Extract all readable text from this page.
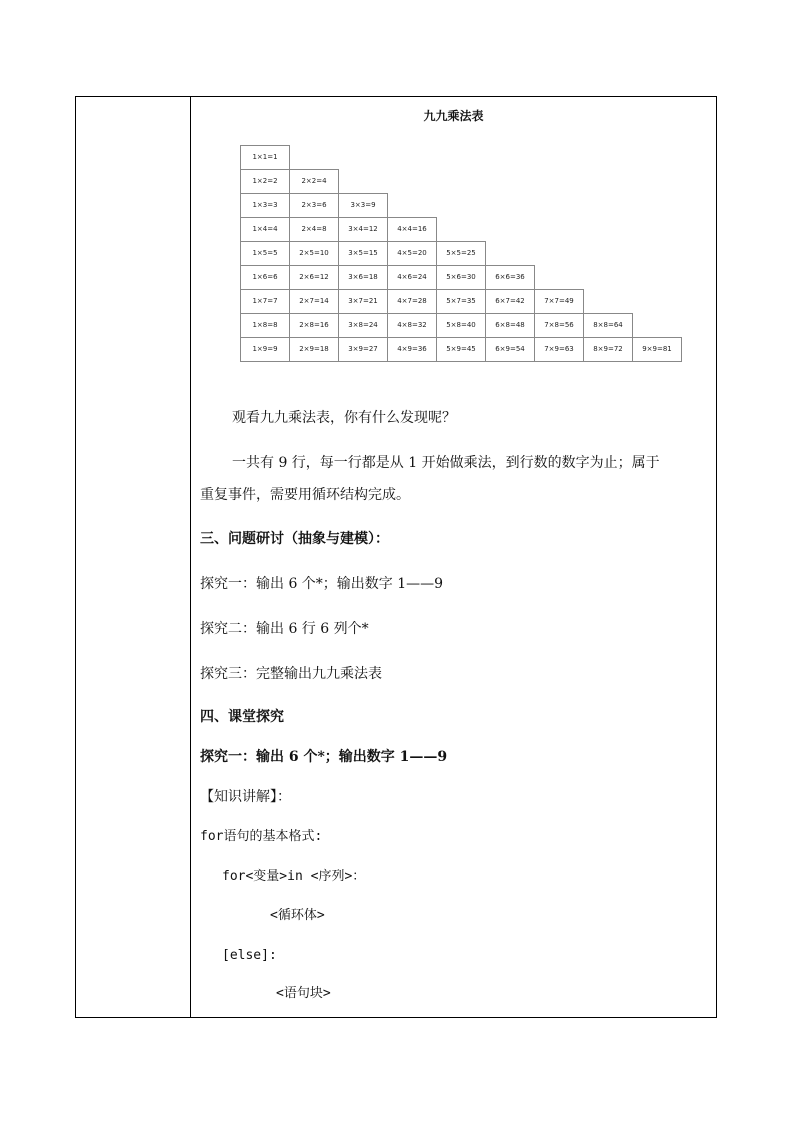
九九乘法表
1×1=1
1×2=2	2×2=4
1×3=3	2×3=6	3×3=9
1×4=4	2×4=8	3×4=12	4×4=16
1×5=5	2×5=10	3×5=15	4×5=20	5×5=25
1×6=6	2×6=12	3×6=18	4×6=24	5×6=30	6×6=36
1×7=7	2×7=14	3×7=21	4×7=28	5×7=35	6×7=42	7×7=49
1×8=8	2×8=16	3×8=24	4×8=32	5×8=40	6×8=48	7×8=56	8×8=64
1×9=9	2×9=18	3×9=27	4×9=36	5×9=45	6×9=54	7×9=63	8×9=72	9×9=81
观看九九乘法表，你有什么发现呢？
一共有 9 行，每一行都是从 1 开始做乘法，到行数的数字为止；属于
重复事件，需要用循环结构完成。
三、问题研讨（抽象与建模）：
探究一：输出 6 个*；输出数字 1——9
探究二：输出 6 行 6 列个*
探究三：完整输出九九乘法表
四、课堂探究
探究一：输出 6 个*；输出数字 1——9
【知识讲解】：
for语句的基本格式:
for<变量>in <序列>：
<循环体>
[else]:
<语句块>
